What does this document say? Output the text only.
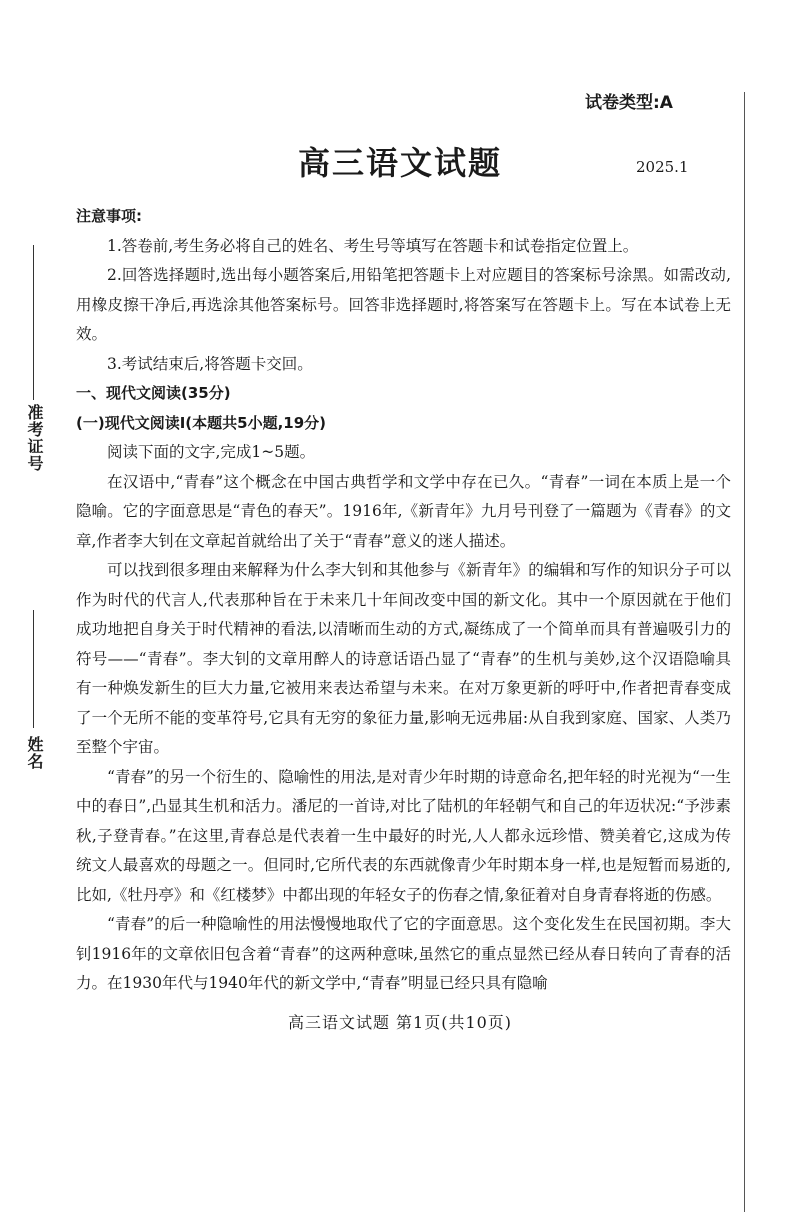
准考证号
姓名
试卷类型:A
高三语文试题	2025.1

注意事项:

1.答卷前,考生务必将自己的姓名、考生号等填写在答题卡和试卷指定位置上。

2.回答选择题时,选出每小题答案后,用铅笔把答题卡上对应题目的答案标号涂黑。如需改动,用橡皮擦干净后,再选涂其他答案标号。回答非选择题时,将答案写在答题卡上。写在本试卷上无效。

3.考试结束后,将答题卡交回。

一、现代文阅读(35分)

(一)现代文阅读Ⅰ(本题共5小题,19分)

阅读下面的文字,完成1~5题。

在汉语中,“青春”这个概念在中国古典哲学和文学中存在已久。“青春”一词在本质上是一个隐喻。它的字面意思是“青色的春天”。1916年,《新青年》九月号刊登了一篇题为《青春》的文章,作者李大钊在文章起首就给出了关于“青春”意义的迷人描述。

可以找到很多理由来解释为什么李大钊和其他参与《新青年》的编辑和写作的知识分子可以作为时代的代言人,代表那种旨在于未来几十年间改变中国的新文化。其中一个原因就在于他们成功地把自身关于时代精神的看法,以清晰而生动的方式,凝练成了一个简单而具有普遍吸引力的符号——“青春”。李大钊的文章用醉人的诗意话语凸显了“青春”的生机与美妙,这个汉语隐喻具有一种焕发新生的巨大力量,它被用来表达希望与未来。在对万象更新的呼吁中,作者把青春变成了一个无所不能的变革符号,它具有无穷的象征力量,影响无远弗届:从自我到家庭、国家、人类乃至整个宇宙。

“青春”的另一个衍生的、隐喻性的用法,是对青少年时期的诗意命名,把年轻的时光视为“一生中的春日”,凸显其生机和活力。潘尼的一首诗,对比了陆机的年轻朝气和自己的年迈状况:“予涉素秋,子登青春。”在这里,青春总是代表着一生中最好的时光,人人都永远珍惜、赞美着它,这成为传统文人最喜欢的母题之一。但同时,它所代表的东西就像青少年时期本身一样,也是短暂而易逝的,比如,《牡丹亭》和《红楼梦》中都出现的年轻女子的伤春之情,象征着对自身青春将逝的伤感。

“青春”的后一种隐喻性的用法慢慢地取代了它的字面意思。这个变化发生在民国初期。李大钊1916年的文章依旧包含着“青春”的这两种意味,虽然它的重点显然已经从春日转向了青春的活力。在1930年代与1940年代的新文学中,“青春”明显已经只具有隐喻

高三语文试题 第1页(共10页)
